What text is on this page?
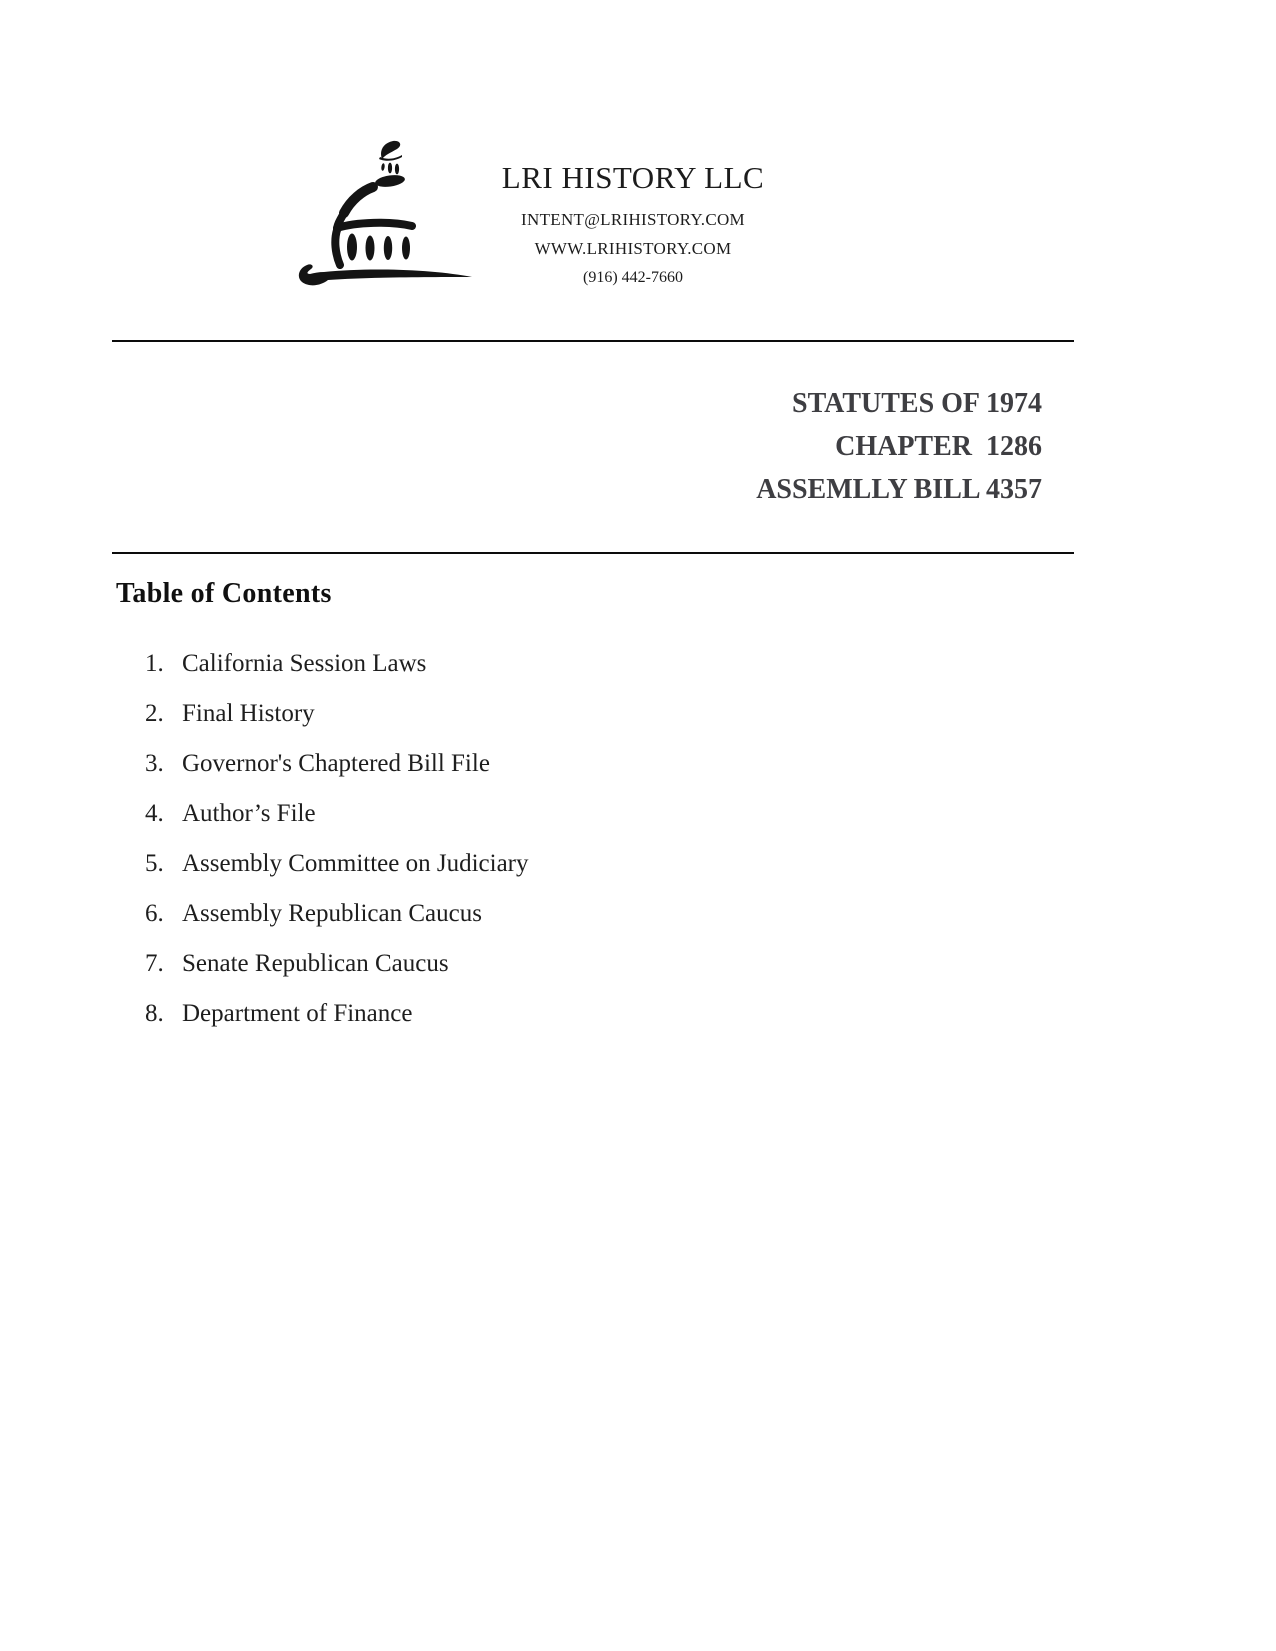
LRI HISTORY LLC
INTENT@LRIHISTORY.COM
WWW.LRIHISTORY.COM
(916) 442-7660
STATUTES OF 1974
CHAPTER  1286
ASSEMLLY BILL 4357
Table of Contents
1. California Session Laws
2. Final History
3. Governor's Chaptered Bill File
4. Author’s File
5. Assembly Committee on Judiciary
6. Assembly Republican Caucus
7. Senate Republican Caucus
8. Department of Finance
